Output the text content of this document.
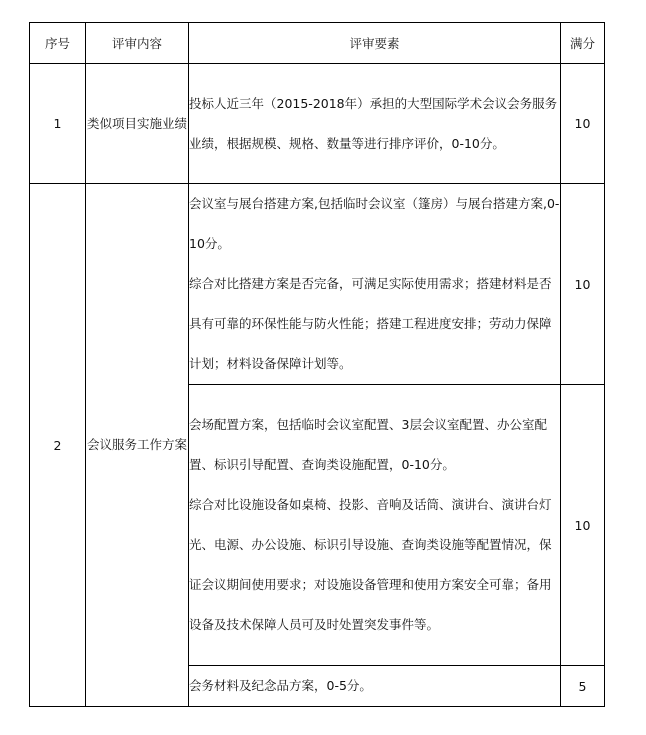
序号	评审内容	评审要素	满分
1	类似项目实施业绩	投标人近三年（2015-2018年）承担的大型国际学术会议会务服务业绩，根据规模、规格、数量等进行排序评价，0-10分。	10
2	会议服务工作方案	会议室与展台搭建方案,包括临时会议室（篷房）与展台搭建方案,0-10分。

综合对比搭建方案是否完备，可满足实际使用需求；搭建材料是否具有可靠的环保性能与防火性能；搭建工程进度安排；劳动力保障计划；材料设备保障计划等。	10

		会场配置方案，包括临时会议室配置、3层会议室配置、办公室配置、标识引导配置、查询类设施配置，0-10分。

综合对比设施设备如桌椅、投影、音响及话筒、演讲台、演讲台灯光、电源、办公设施、标识引导设施、查询类设施等配置情况，保证会议期间使用要求；对设施设备管理和使用方案安全可靠；备用设备及技术保障人员可及时处置突发事件等。	10

		会务材料及纪念品方案，0-5分。	5
